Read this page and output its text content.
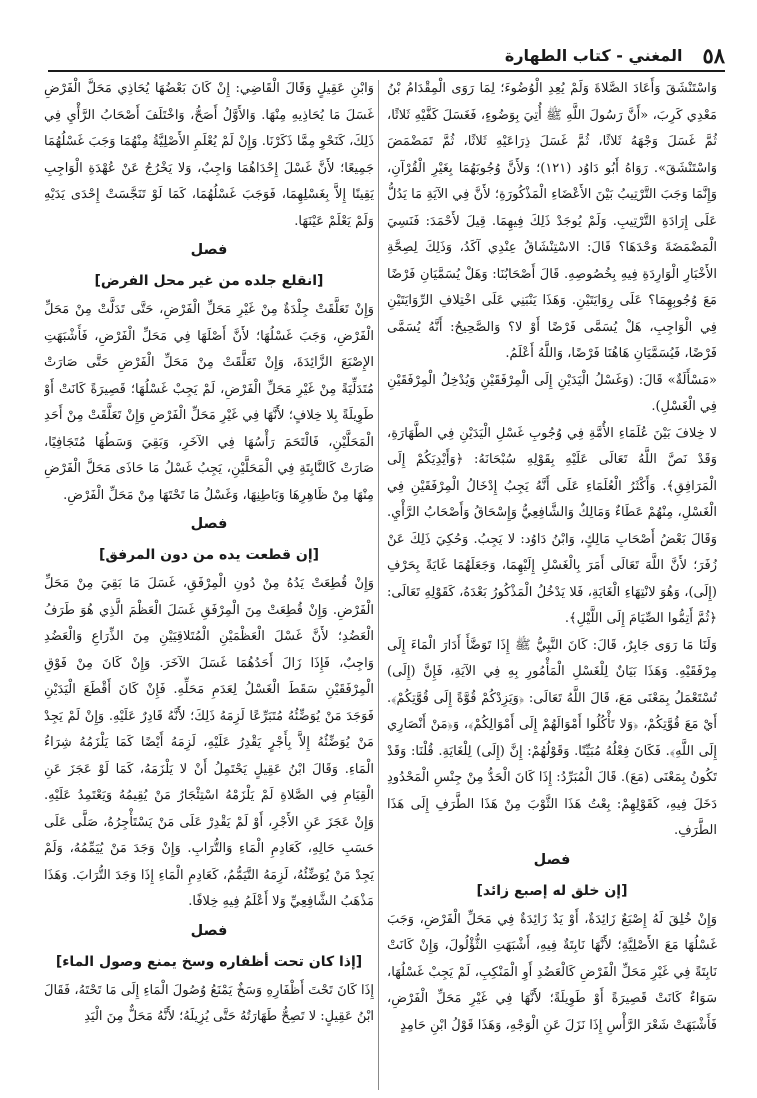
٥٨
المغني - كتاب الطهارة

وَاسْتَنْشَقَ وَأَعَادَ الصَّلاةَ وَلَمْ يُعِدِ الْوُضُوءَ؛ لِمَا رَوَى الْمِقْدَامُ بْنُ مَعْدِي كَرِبَ، «أَنَّ رَسُولَ اللَّهِ ﷺ أُتِيَ بِوَضُوءٍ، فَغَسَلَ كَفَّيْهِ ثَلاثًا، ثُمَّ غَسَلَ وَجْهَهُ ثَلاثًا، ثُمَّ غَسَلَ ذِرَاعَيْهِ ثَلاثًا، ثُمَّ تَمَضْمَضَ وَاسْتَنْشَقَ». رَوَاهُ أَبُو دَاوُد (١٢١)؛ وَلأَنَّ وُجُوبَهُمَا بِغَيْرِ الْقُرْآنِ، وَإِنَّمَا وَجَبَ التَّرْتِيبُ بَيْنَ الأَعْضَاءِ الْمَذْكُورَةِ؛ لأَنَّ فِي الآيَةِ مَا يَدُلُّ عَلَى إِرَادَةِ التَّرْتِيبِ. وَلَمْ يُوجَدْ ذَلِكَ فِيهِمَا. قِيلَ لأَحْمَدَ: فَنَسِيَ الْمَضْمَضَةَ وَحْدَهَا؟ قَالَ: الاسْتِنْشَاقُ عِنْدِي آكَدُ، وَذَلِكَ لِصِحَّةِ الأَخْبَارِ الْوَارِدَةِ فِيهِ بِخُصُوصِهِ. قَالَ أَصْحَابُنَا: وَهَلْ يُسَمَّيَانِ فَرْضًا مَعَ وُجُوبِهِمَا؟ عَلَى رِوَايَتَيْنِ. وَهَذَا يَنْبَنِي عَلَى اخْتِلافِ الرِّوَايَتَيْنِ فِي الْوَاجِبِ، هَلْ يُسَمَّى فَرْضًا أَوْ لا؟ وَالصَّحِيحُ: أَنَّهُ يُسَمَّى فَرْضًا، فَيُسَمَّيَانِ هَاهُنَا فَرْضًا، وَاللَّهُ أَعْلَمُ.

«مَسْأَلَةٌ» قَالَ: (وَغَسْلُ الْيَدَيْنِ إِلَى الْمِرْفَقَيْنِ وَيُدْخِلُ الْمِرْفَقَيْنِ فِي الْغَسْلِ).

لا خِلافَ بَيْنَ عُلَمَاءِ الأُمَّةِ فِي وُجُوبِ غَسْلِ الْيَدَيْنِ فِي الطَّهَارَةِ، وَقَدْ نَصَّ اللَّهُ تَعَالَى عَلَيْهِ بِقَوْلِهِ سُبْحَانَهُ: ﴿وَأَيْدِيَكُمْ إِلَى الْمَرَافِقِ﴾. وَأَكْثَرُ الْعُلَمَاءِ عَلَى أَنَّهُ يَجِبُ إِدْخَالُ الْمِرْفَقَيْنِ فِي الْغَسْلِ، مِنْهُمْ عَطَاءٌ وَمَالِكٌ وَالشَّافِعِيُّ وَإِسْحَاقُ وَأَصْحَابُ الرَّأْيِ. وَقَالَ بَعْضُ أَصْحَابِ مَالِكٍ، وَابْنُ دَاوُد: لا يَجِبُ. وَحُكِيَ ذَلِكَ عَنْ زُفَرَ؛ لأَنَّ اللَّهَ تَعَالَى أَمَرَ بِالْغَسْلِ إِلَيْهِمَا، وَجَعَلَهُمَا غَايَةً بِحَرْفِ (إِلَى)، وَهُوَ لانْتِهَاءِ الْغَايَةِ، فَلا يَدْخُلُ الْمَذْكُورُ بَعْدَهُ، كَقَوْلِهِ تَعَالَى: ﴿ثُمَّ أَتِمُّوا الصِّيَامَ إِلَى اللَّيْلِ﴾.

وَلَنَا مَا رَوَى جَابِرٌ، قَالَ: كَانَ النَّبِيُّ ﷺ إِذَا تَوَضَّأَ أَدَارَ الْمَاءَ إِلَى مِرْفَقَيْهِ. وَهَذَا بَيَانٌ لِلْغَسْلِ الْمَأْمُورِ بِهِ فِي الآيَةِ، فَإِنَّ (إِلَى) تُسْتَعْمَلُ بِمَعْنَى مَعَ، قَالَ اللَّهُ تَعَالَى: ﴿وَيَزِدْكُمْ قُوَّةً إِلَى قُوَّتِكُمْ﴾. أَيْ مَعَ قُوَّتِكُمْ، ﴿وَلا تَأْكُلُوا أَمْوَالَهُمْ إِلَى أَمْوَالِكُمْ﴾، وَ﴿مَنْ أَنْصَارِي إِلَى اللَّهِ﴾. فَكَانَ فِعْلُهُ مُبَيِّنًا. وَقَوْلُهُمْ: إِنَّ (إِلَى) لِلْغَايَةِ. قُلْنَا: وَقَدْ تَكُونُ بِمَعْنَى (مَعَ). قَالَ الْمُبَرِّدُ: إِذَا كَانَ الْحَدُّ مِنْ جِنْسِ الْمَحْدُودِ دَخَلَ فِيهِ، كَقَوْلِهِمْ: بِعْتُ هَذَا الثَّوْبَ مِنْ هَذَا الطَّرَفِ إِلَى هَذَا الطَّرَفِ.

فصل
[إن خلق له إصبع زائد]

وَإِنْ خُلِقَ لَهُ إِصْبَعٌ زَائِدَةٌ، أَوْ يَدٌ زَائِدَةٌ فِي مَحَلِّ الْفَرْضِ، وَجَبَ غَسْلُهَا مَعَ الأَصْلِيَّةِ؛ لأَنَّهَا نَابِتَةٌ فِيهِ، أَشْبَهَتِ الثُّؤْلُولَ، وَإِنْ كَانَتْ نَابِتَةً فِي غَيْرِ مَحَلِّ الْفَرْضِ كَالْعَضُدِ أَوِ الْمَنْكِبِ، لَمْ يَجِبْ غَسْلُهَا، سَوَاءٌ كَانَتْ قَصِيرَةً أَوْ طَوِيلَةً؛ لأَنَّهَا فِي غَيْرِ مَحَلِّ الْفَرْضِ، فَأَشْبَهَتْ شَعْرَ الرَّأْسِ إِذَا نَزَلَ عَنِ الْوَجْهِ، وَهَذَا قَوْلُ ابْنِ حَامِدٍ

وَابْنِ عَقِيلٍ وَقَالَ الْقَاضِي: إِنْ كَانَ بَعْضُهَا يُحَاذِي مَحَلَّ الْفَرْضِ غَسَلَ مَا يُحَاذِيهِ مِنْهَا. وَالأَوَّلُ أَصَحُّ، وَاخْتَلَفَ أَصْحَابُ الرَّأْيِ فِي ذَلِكَ، كَنَحْوِ مِمَّا ذَكَرْنَا. وَإِنْ لَمْ يُعْلَمِ الأَصْلِيَّةُ مِنْهُمَا وَجَبَ غَسْلُهُمَا جَمِيعًا؛ لأَنَّ غَسْلَ إِحْدَاهُمَا وَاجِبٌ، وَلا يَخْرُجُ عَنْ عُهْدَةِ الْوَاجِبِ يَقِينًا إِلاَّ بِغَسْلِهِمَا، فَوَجَبَ غَسْلُهُمَا، كَمَا لَوْ تَنَجَّسَتْ إِحْدَى يَدَيْهِ وَلَمْ يَعْلَمْ عَيْنَهَا.

فصل
[انقلع جلده من غير محل الفرض]

وَإِنْ تَعَلَّقَتْ جِلْدَةٌ مِنْ غَيْرِ مَحَلِّ الْفَرْضِ، حَتَّى تَدَلَّتْ مِنْ مَحَلِّ الْفَرْضِ، وَجَبَ غَسْلُهَا؛ لأَنَّ أَصْلَهَا فِي مَحَلِّ الْفَرْضِ، فَأَشْبَهَتِ الإِصْبَعَ الزَّائِدَةَ، وَإِنْ تَعَلَّقَتْ مِنْ مَحَلِّ الْفَرْضِ حَتَّى صَارَتْ مُتَدَلِّيَةً مِنْ غَيْرِ مَحَلِّ الْفَرْضِ، لَمْ يَجِبْ غَسْلُهَا؛ قَصِيرَةً كَانَتْ أَوْ طَوِيلَةً بِلا خِلافٍ؛ لأَنَّهَا فِي غَيْرِ مَحَلِّ الْفَرْضِ وَإِنْ تَعَلَّقَتْ مِنْ أَحَدِ الْمَحَلَّيْنِ، فَالْتَحَمَ رَأْسُهَا فِي الآخَرِ، وَبَقِيَ وَسَطُهَا مُتَجَافِيًا، صَارَتْ كَالنَّابِتَةِ فِي الْمَحَلَّيْنِ، يَجِبُ غَسْلُ مَا حَاذَى مَحَلَّ الْفَرْضِ مِنْهَا مِنْ ظَاهِرِهَا وَبَاطِنِهَا، وَغَسْلُ مَا تَحْتَهَا مِنْ مَحَلِّ الْفَرْضِ.

فصل
[إن قطعت يده من دون المرفق]

وَإِنْ قُطِعَتْ يَدُهُ مِنْ دُونِ الْمِرْفَقِ، غَسَلَ مَا بَقِيَ مِنْ مَحَلِّ الْفَرْضِ. وَإِنْ قُطِعَتْ مِنَ الْمِرْفَقِ غَسَلَ الْعَظْمَ الَّذِي هُوَ طَرَفُ الْعَضُدِ؛ لأَنَّ غَسْلَ الْعَظْمَيْنِ الْمُتَلاقِيَيْنِ مِنَ الذِّرَاعِ وَالْعَضُدِ وَاجِبٌ، فَإِذَا زَالَ أَحَدُهُمَا غَسَلَ الآخَرَ. وَإِنْ كَانَ مِنْ فَوْقِ الْمِرْفَقَيْنِ سَقَطَ الْغَسْلُ لِعَدَمِ مَحَلِّهِ. فَإِنْ كَانَ أَقْطَعَ الْيَدَيْنِ فَوَجَدَ مَنْ يُوَضِّئُهُ مُتَبَرِّعًا لَزِمَهُ ذَلِكَ؛ لأَنَّهُ قَادِرٌ عَلَيْهِ. وَإِنْ لَمْ يَجِدْ مَنْ يُوَضِّئُهُ إِلاَّ بِأَجْرٍ يَقْدِرُ عَلَيْهِ، لَزِمَهُ أَيْضًا كَمَا يَلْزَمُهُ شِرَاءُ الْمَاءِ. وَقَالَ ابْنُ عَقِيلٍ يَحْتَمِلُ أَنْ لا يَلْزَمَهُ، كَمَا لَوْ عَجَزَ عَنِ الْقِيَامِ فِي الصَّلاةِ لَمْ يَلْزَمْهُ اسْتِئْجَارُ مَنْ يُقِيمُهُ وَيَعْتَمِدُ عَلَيْهِ. وَإِنْ عَجَزَ عَنِ الأَجْرِ، أَوْ لَمْ يَقْدِرْ عَلَى مَنْ يَسْتَأْجِرُهُ، صَلَّى عَلَى حَسَبِ حَالِهِ، كَعَادِمِ الْمَاءِ وَالتُّرَابِ. وَإِنْ وَجَدَ مَنْ يُيَمِّمُهُ، وَلَمْ يَجِدْ مَنْ يُوَضِّئُهُ، لَزِمَهُ التَّيَمُّمُ، كَعَادِمِ الْمَاءِ إِذَا وَجَدَ التُّرَابَ. وَهَذَا مَذْهَبُ الشَّافِعِيِّ وَلا أَعْلَمُ فِيهِ خِلافًا.

فصل
[إذا كان تحت أظفاره وسخ يمنع وصول الماء]

إِذَا كَانَ تَحْتَ أَظْفَارِهِ وَسَخٌ يَمْنَعُ وُصُولَ الْمَاءِ إِلَى مَا تَحْتَهُ، فَقَالَ ابْنُ عَقِيلٍ: لا تَصِحُّ طَهَارَتُهُ حَتَّى يُزِيلَهُ؛ لأَنَّهُ مَحَلٌّ مِنَ الْيَدِ
